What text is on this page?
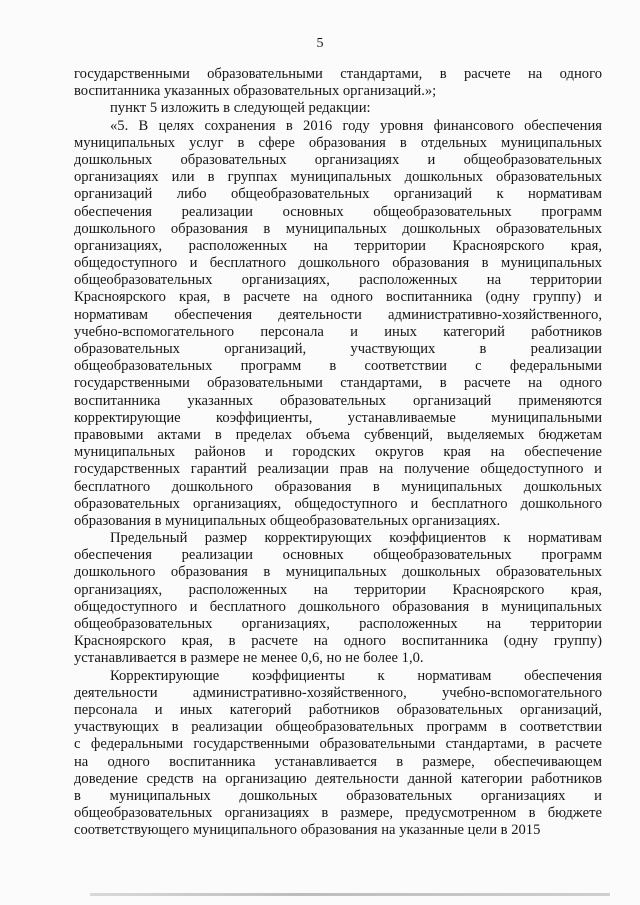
5
государственными образовательными стандартами, в расчете на одного
воспитанника указанных образовательных организаций.»;
пункт 5 изложить в следующей редакции:
«5. В целях сохранения в 2016 году уровня финансового обеспечения
муниципальных услуг в сфере образования в отдельных муниципальных
дошкольных образовательных организациях и общеобразовательных
организациях или в группах муниципальных дошкольных образовательных
организаций либо общеобразовательных организаций к нормативам
обеспечения реализации основных общеобразовательных программ
дошкольного образования в муниципальных дошкольных образовательных
организациях, расположенных на территории Красноярского края,
общедоступного и бесплатного дошкольного образования в муниципальных
общеобразовательных организациях, расположенных на территории
Красноярского края, в расчете на одного воспитанника (одну группу) и
нормативам обеспечения деятельности административно-хозяйственного,
учебно-вспомогательного персонала и иных категорий работников
образовательных организаций, участвующих в реализации
общеобразовательных программ в соответствии с федеральными
государственными образовательными стандартами, в расчете на одного
воспитанника указанных образовательных организаций применяются
корректирующие коэффициенты, устанавливаемые муниципальными
правовыми актами в пределах объема субвенций, выделяемых бюджетам
муниципальных районов и городских округов края на обеспечение
государственных гарантий реализации прав на получение общедоступного и
бесплатного дошкольного образования в муниципальных дошкольных
образовательных организациях, общедоступного и бесплатного дошкольного
образования в муниципальных общеобразовательных организациях.
Предельный размер корректирующих коэффициентов к нормативам
обеспечения реализации основных общеобразовательных программ
дошкольного образования в муниципальных дошкольных образовательных
организациях, расположенных на территории Красноярского края,
общедоступного и бесплатного дошкольного образования в муниципальных
общеобразовательных организациях, расположенных на территории
Красноярского края, в расчете на одного воспитанника (одну группу)
устанавливается в размере не менее 0,6, но не более 1,0.
Корректирующие коэффициенты к нормативам обеспечения
деятельности административно-хозяйственного, учебно-вспомогательного
персонала и иных категорий работников образовательных организаций,
участвующих в реализации общеобразовательных программ в соответствии
с федеральными государственными образовательными стандартами, в расчете
на одного воспитанника устанавливается в размере, обеспечивающем
доведение средств на организацию деятельности данной категории работников
в муниципальных дошкольных образовательных организациях и
общеобразовательных организациях в размере, предусмотренном в бюджете
соответствующего муниципального образования на указанные цели в 2015
